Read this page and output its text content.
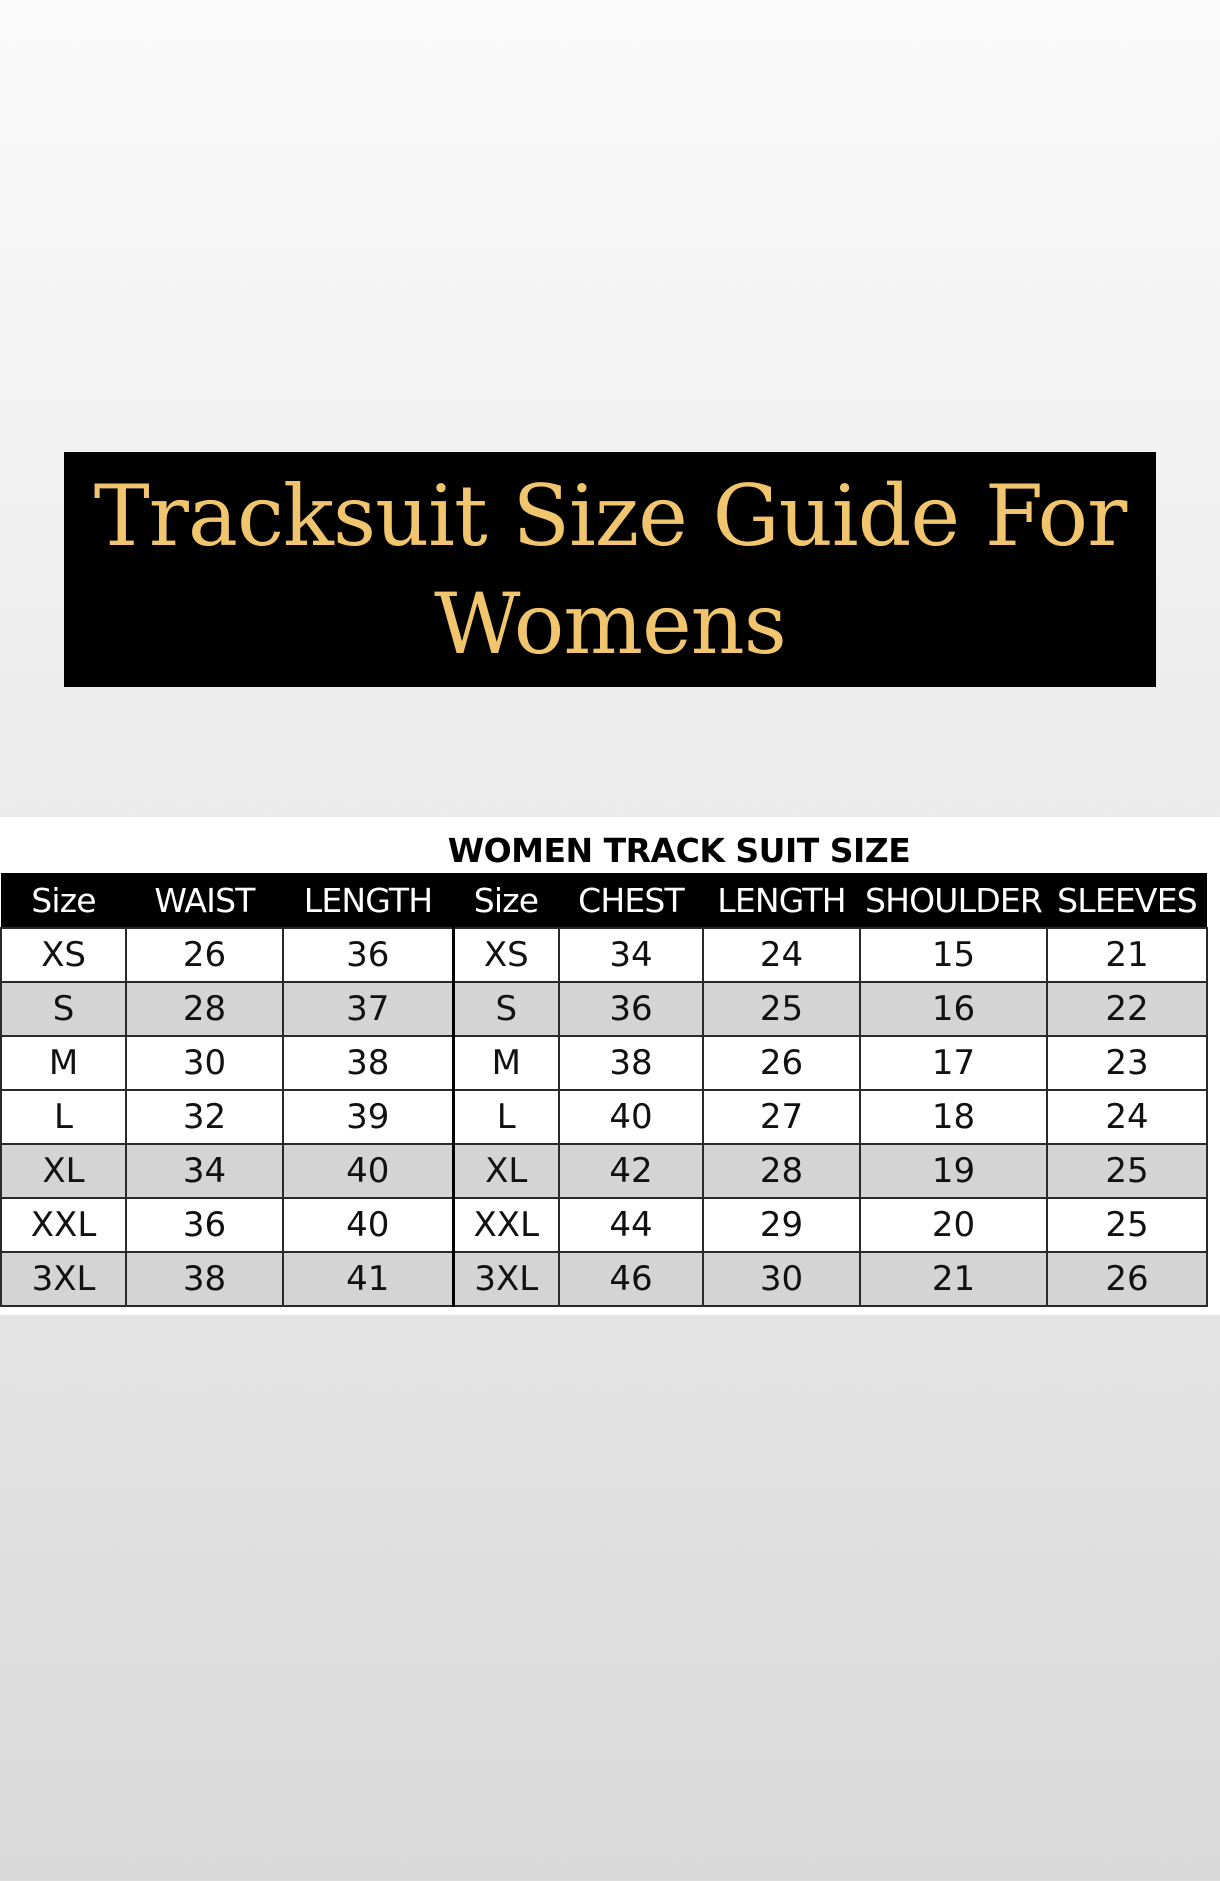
Tracksuit Size Guide For
Womens
WOMEN TRACK SUIT SIZE
Size	WAIST	LENGTH	Size	CHEST	LENGTH	SHOULDER	SLEEVES
XS	26	36	XS	34	24	15	21
S	28	37	S	36	25	16	22
M	30	38	M	38	26	17	23
L	32	39	L	40	27	18	24
XL	34	40	XL	42	28	19	25
XXL	36	40	XXL	44	29	20	25
3XL	38	41	3XL	46	30	21	26
